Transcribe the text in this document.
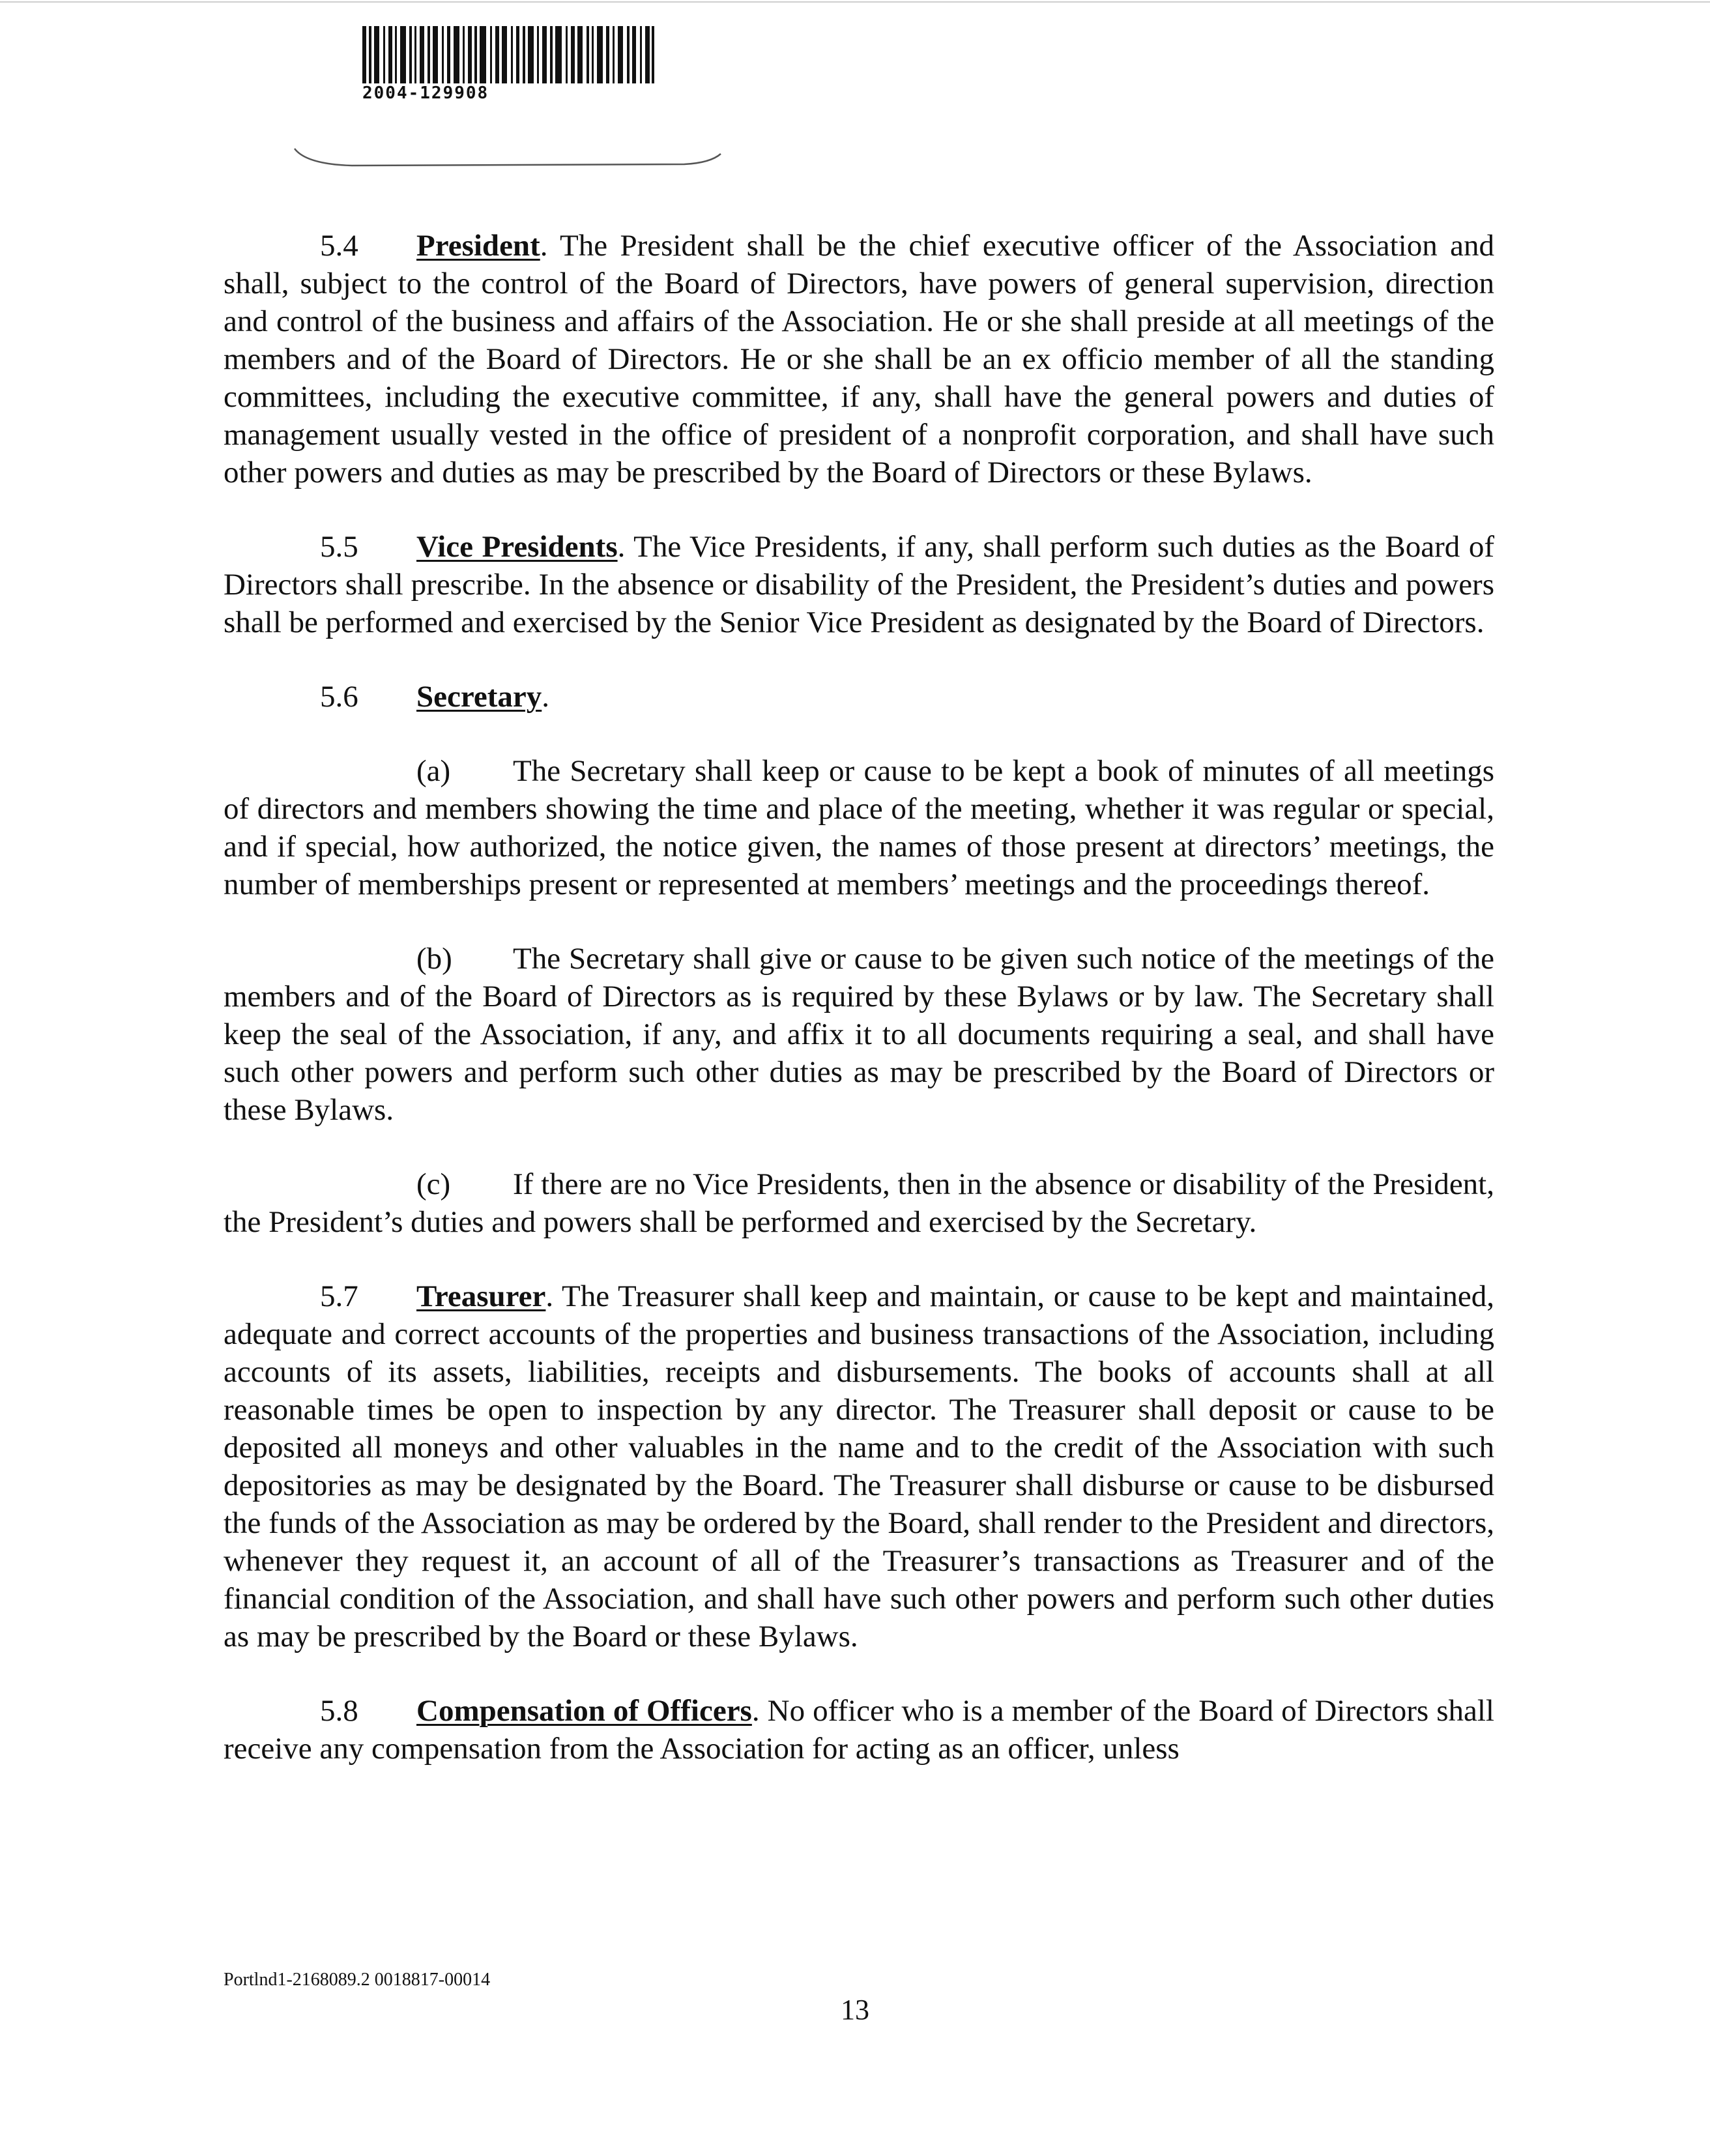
2004-129908

5.4 President. The President shall be the chief executive officer of the Association and shall, subject to the control of the Board of Directors, have powers of general supervision, direction and control of the business and affairs of the Association. He or she shall preside at all meetings of the members and of the Board of Directors. He or she shall be an ex officio member of all the standing committees, including the executive committee, if any, shall have the general powers and duties of management usually vested in the office of president of a nonprofit corporation, and shall have such other powers and duties as may be prescribed by the Board of Directors or these Bylaws.

5.5 Vice Presidents. The Vice Presidents, if any, shall perform such duties as the Board of Directors shall prescribe. In the absence or disability of the President, the President’s duties and powers shall be performed and exercised by the Senior Vice President as designated by the Board of Directors.

5.6 Secretary.

(a) The Secretary shall keep or cause to be kept a book of minutes of all meetings of directors and members showing the time and place of the meeting, whether it was regular or special, and if special, how authorized, the notice given, the names of those present at directors’ meetings, the number of memberships present or represented at members’ meetings and the proceedings thereof.

(b) The Secretary shall give or cause to be given such notice of the meetings of the members and of the Board of Directors as is required by these Bylaws or by law. The Secretary shall keep the seal of the Association, if any, and affix it to all documents requiring a seal, and shall have such other powers and perform such other duties as may be prescribed by the Board of Directors or these Bylaws.

(c) If there are no Vice Presidents, then in the absence or disability of the President, the President’s duties and powers shall be performed and exercised by the Secretary.

5.7 Treasurer. The Treasurer shall keep and maintain, or cause to be kept and maintained, adequate and correct accounts of the properties and business transactions of the Association, including accounts of its assets, liabilities, receipts and disbursements. The books of accounts shall at all reasonable times be open to inspection by any director. The Treasurer shall deposit or cause to be deposited all moneys and other valuables in the name and to the credit of the Association with such depositories as may be designated by the Board. The Treasurer shall disburse or cause to be disbursed the funds of the Association as may be ordered by the Board, shall render to the President and directors, whenever they request it, an account of all of the Treasurer’s transactions as Treasurer and of the financial condition of the Association, and shall have such other powers and perform such other duties as may be prescribed by the Board or these Bylaws.

5.8 Compensation of Officers. No officer who is a member of the Board of Directors shall receive any compensation from the Association for acting as an officer, unless

Portlnd1-2168089.2 0018817-00014
13
